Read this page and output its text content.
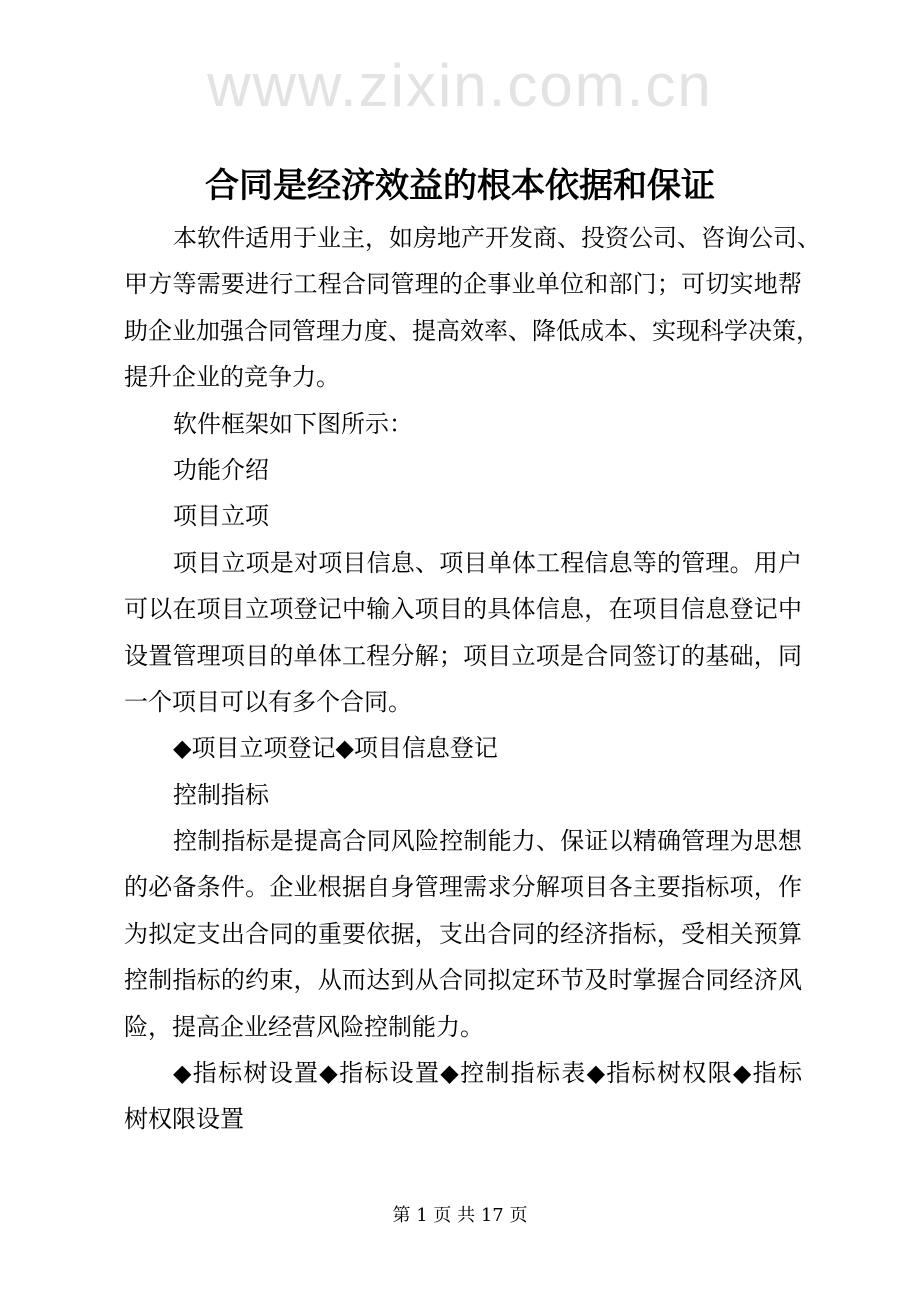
www.zixin.com.cn
合同是经济效益的根本依据和保证
本软件适用于业主，如房地产开发商、投资公司、咨询公司、
甲方等需要进行工程合同管理的企事业单位和部门；可切实地帮
助企业加强合同管理力度、提高效率、降低成本、实现科学决策，
提升企业的竞争力。
软件框架如下图所示：
功能介绍
项目立项
项目立项是对项目信息、项目单体工程信息等的管理。用户
可以在项目立项登记中输入项目的具体信息，在项目信息登记中
设置管理项目的单体工程分解；项目立项是合同签订的基础，同
一个项目可以有多个合同。
◆项目立项登记◆项目信息登记
控制指标
控制指标是提高合同风险控制能力、保证以精确管理为思想
的必备条件。企业根据自身管理需求分解项目各主要指标项，作
为拟定支出合同的重要依据，支出合同的经济指标，受相关预算
控制指标的约束，从而达到从合同拟定环节及时掌握合同经济风
险，提高企业经营风险控制能力。
◆指标树设置◆指标设置◆控制指标表◆指标树权限◆指标
树权限设置
第 1 页 共 17 页
